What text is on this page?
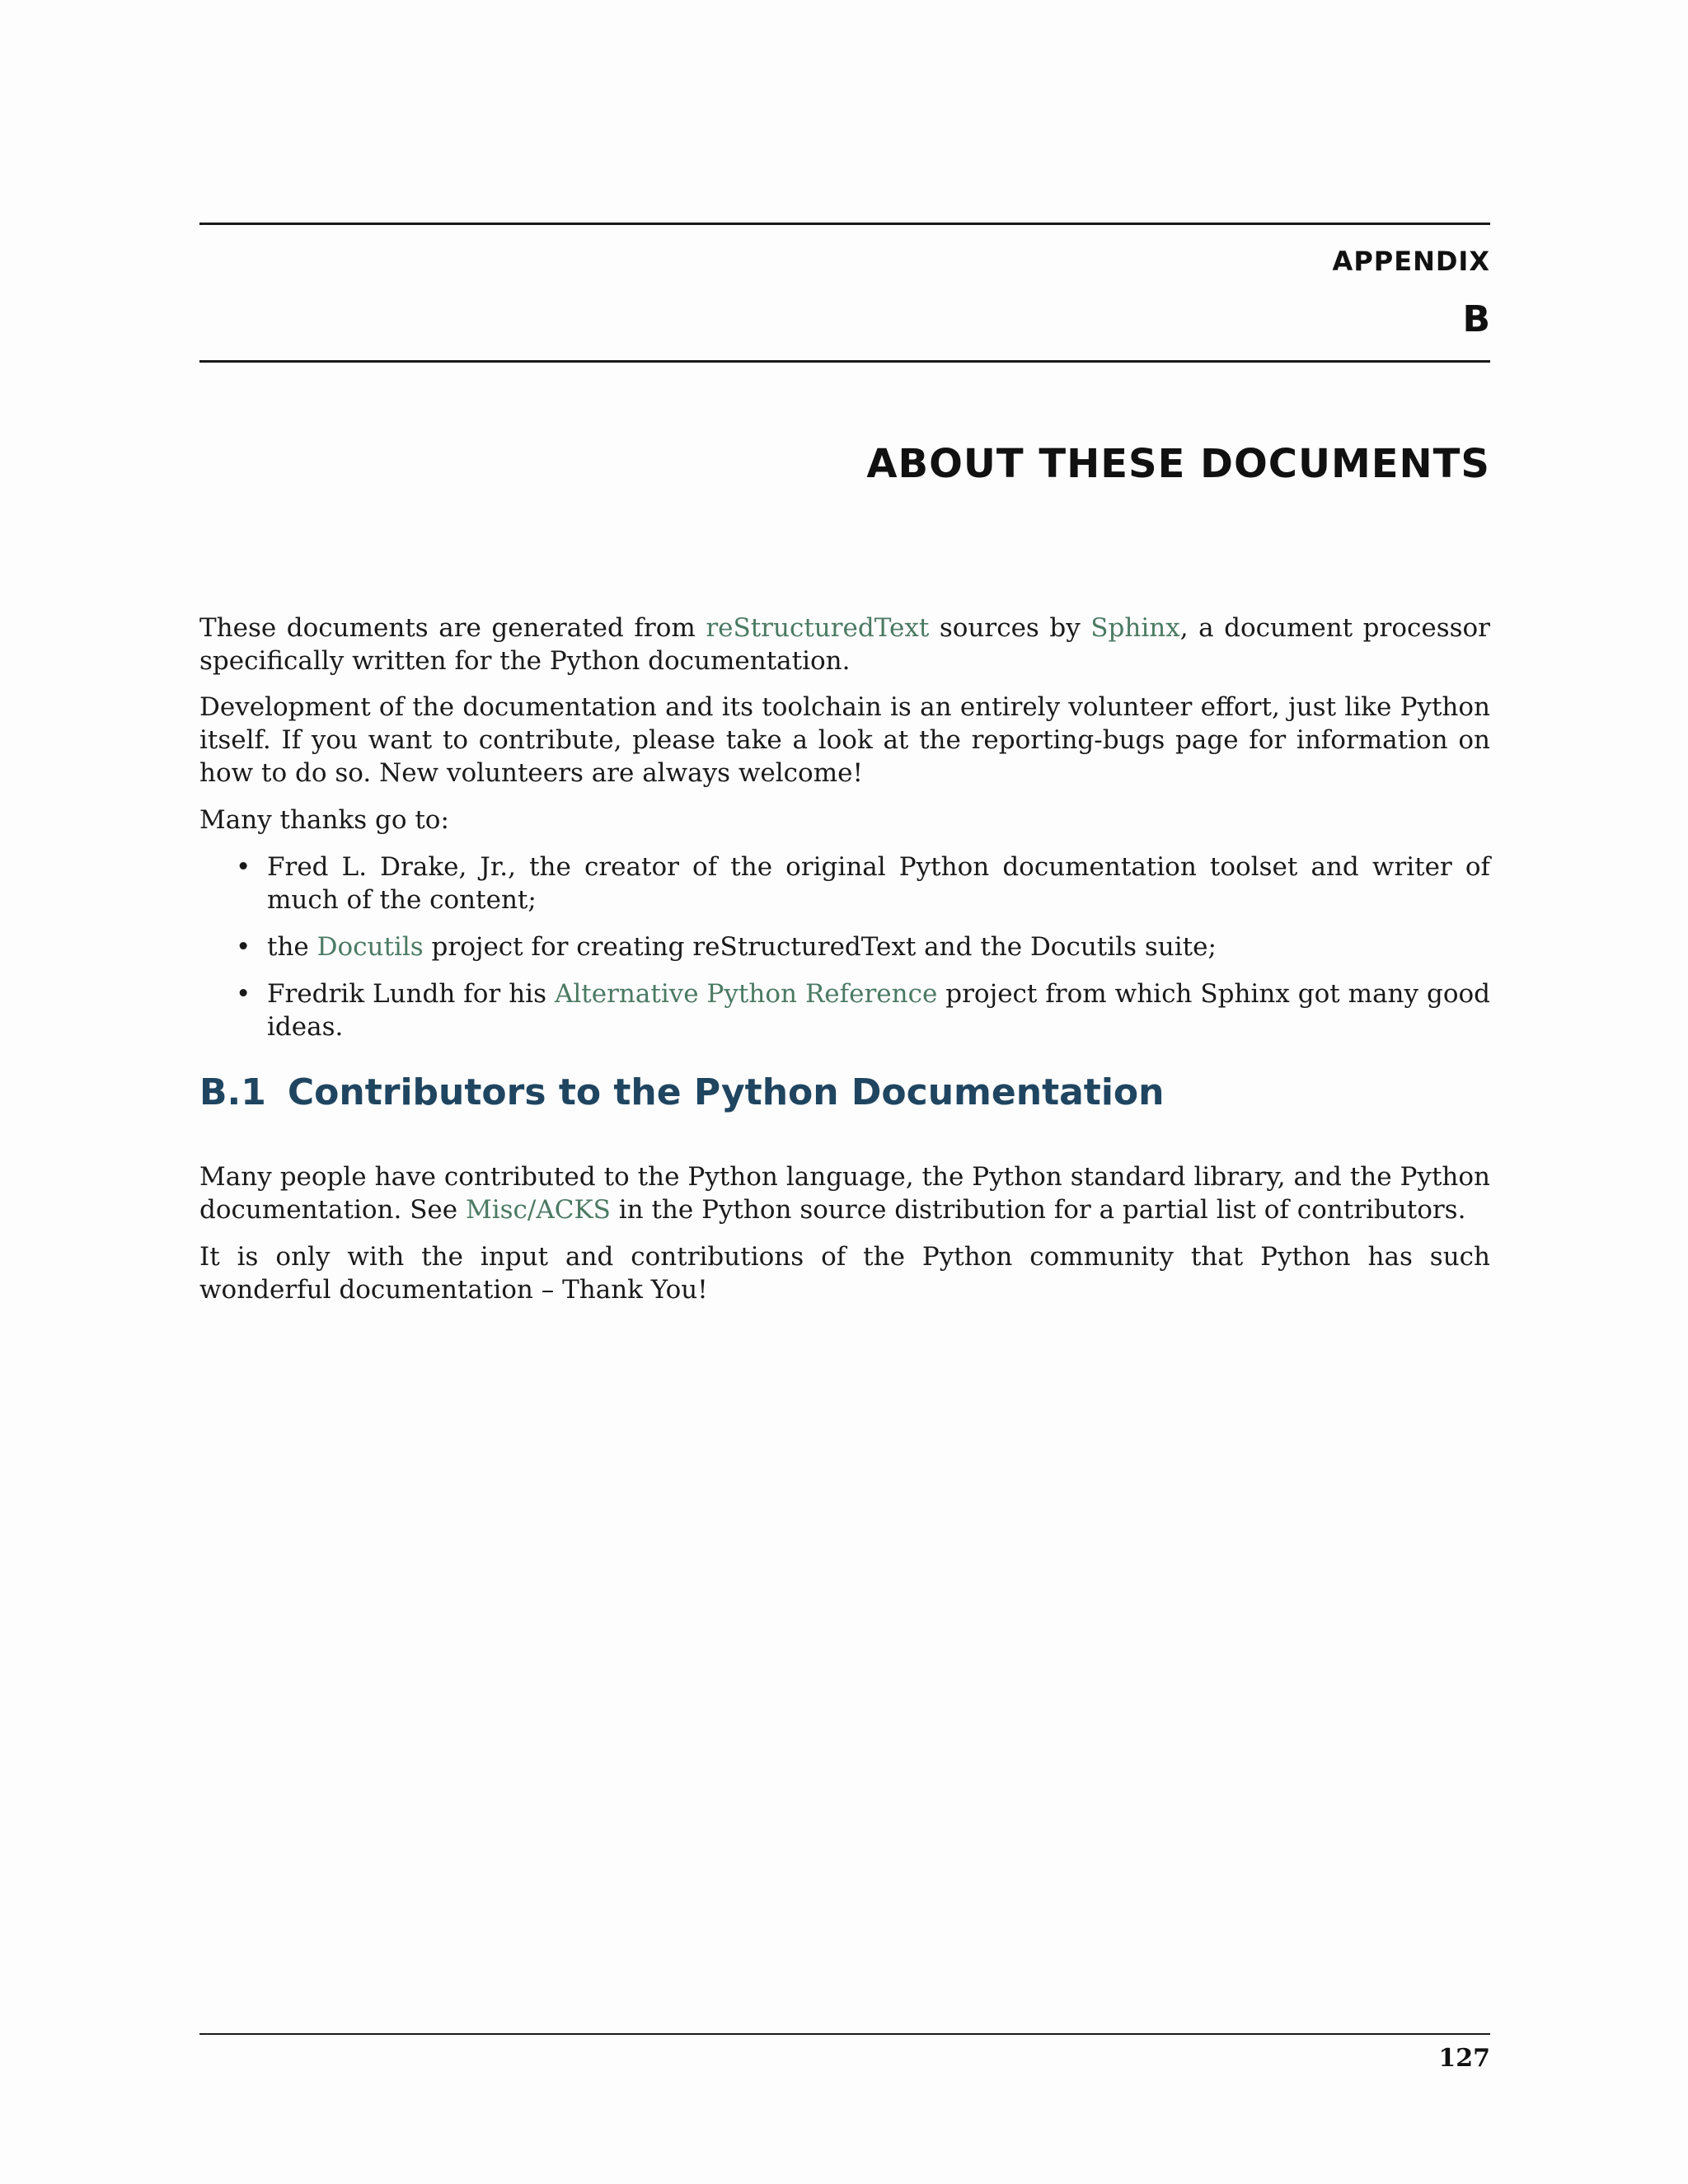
APPENDIX
B
ABOUT THESE DOCUMENTS

These documents are generated from reStructuredText sources by Sphinx, a document processor specifically written for the Python documentation.

Development of the documentation and its toolchain is an entirely volunteer effort, just like Python itself. If you want to contribute, please take a look at the reporting-bugs page for information on how to do so. New volunteers are always welcome!

Many thanks go to:

• Fred L. Drake, Jr., the creator of the original Python documentation toolset and writer of much of the content;
• the Docutils project for creating reStructuredText and the Docutils suite;
• Fredrik Lundh for his Alternative Python Reference project from which Sphinx got many good ideas.
B.1 Contributors to the Python Documentation

Many people have contributed to the Python language, the Python standard library, and the Python documentation. See Misc/ACKS in the Python source distribution for a partial list of contributors.

It is only with the input and contributions of the Python community that Python has such wonderful documentation – Thank You!

127
